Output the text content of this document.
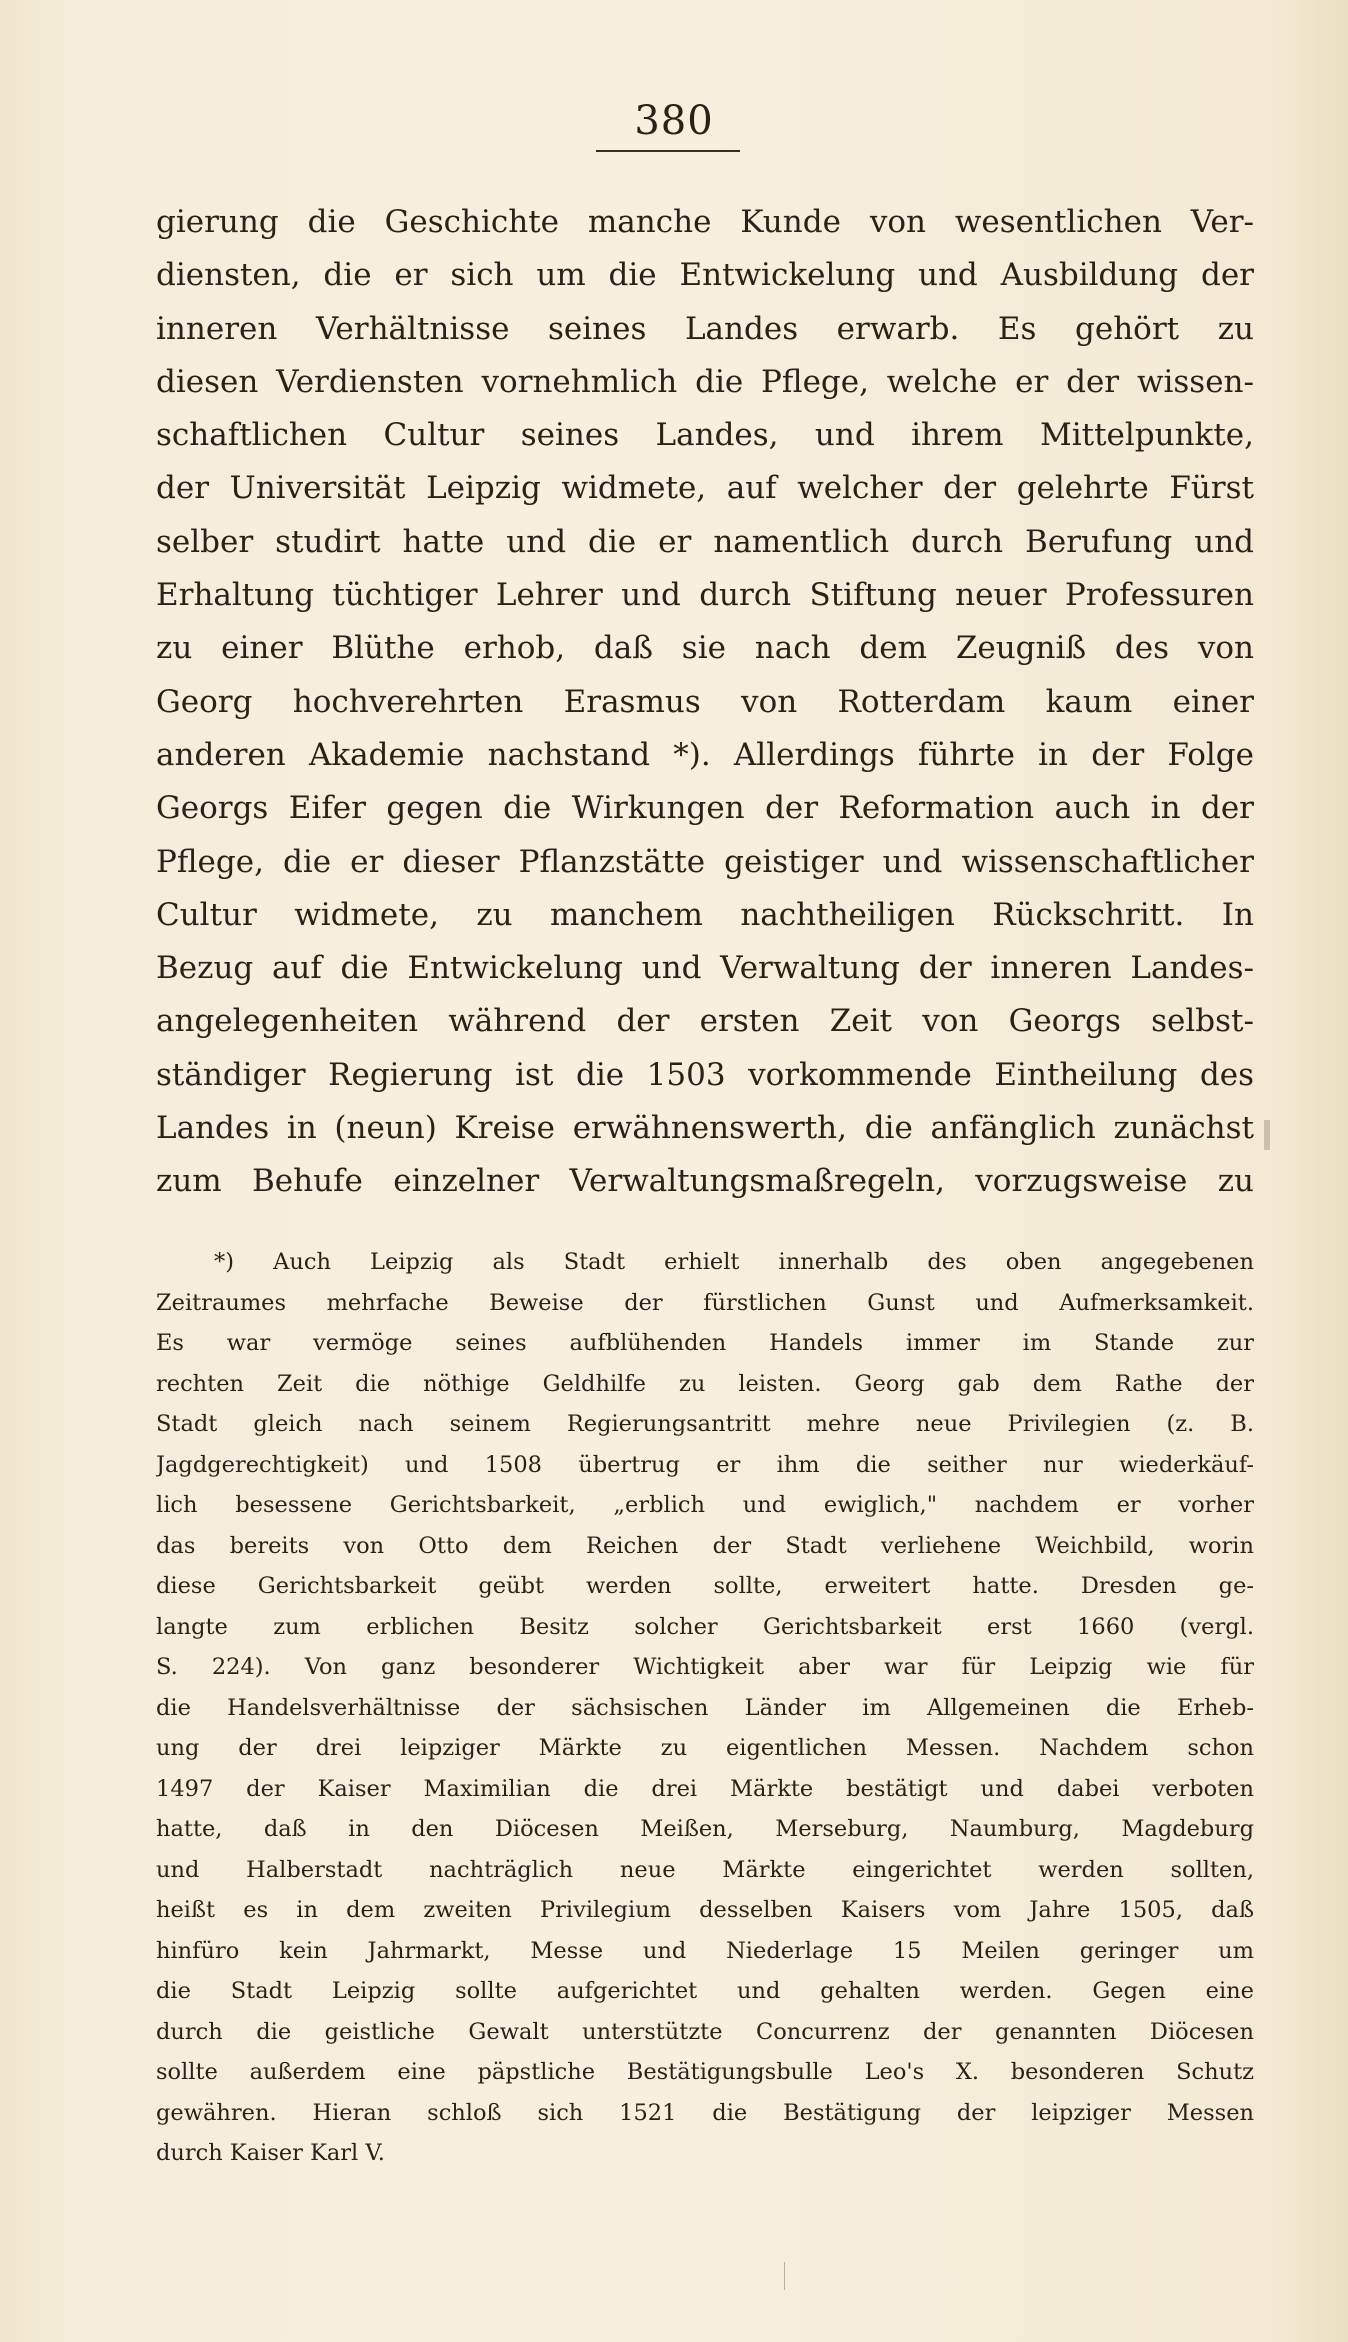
380
gierung die Geschichte manche Kunde von wesentlichen Ver-
diensten, die er sich um die Entwickelung und Ausbildung der
inneren Verhältnisse seines Landes erwarb. Es gehört zu
diesen Verdiensten vornehmlich die Pflege, welche er der wissen-
schaftlichen Cultur seines Landes, und ihrem Mittelpunkte,
der Universität Leipzig widmete, auf welcher der gelehrte Fürst
selber studirt hatte und die er namentlich durch Berufung und
Erhaltung tüchtiger Lehrer und durch Stiftung neuer Professuren
zu einer Blüthe erhob, daß sie nach dem Zeugniß des von
Georg hochverehrten Erasmus von Rotterdam kaum einer
anderen Akademie nachstand *). Allerdings führte in der Folge
Georgs Eifer gegen die Wirkungen der Reformation auch in der
Pflege, die er dieser Pflanzstätte geistiger und wissenschaftlicher
Cultur widmete, zu manchem nachtheiligen Rückschritt. In
Bezug auf die Entwickelung und Verwaltung der inneren Landes-
angelegenheiten während der ersten Zeit von Georgs selbst-
ständiger Regierung ist die 1503 vorkommende Eintheilung des
Landes in (neun) Kreise erwähnenswerth, die anfänglich zunächst
zum Behufe einzelner Verwaltungsmaßregeln, vorzugsweise zu
*) Auch Leipzig als Stadt erhielt innerhalb des oben angegebenen
Zeitraumes mehrfache Beweise der fürstlichen Gunst und Aufmerksamkeit.
Es war vermöge seines aufblühenden Handels immer im Stande zur
rechten Zeit die nöthige Geldhilfe zu leisten. Georg gab dem Rathe der
Stadt gleich nach seinem Regierungsantritt mehre neue Privilegien (z. B.
Jagdgerechtigkeit) und 1508 übertrug er ihm die seither nur wiederkäuf-
lich besessene Gerichtsbarkeit, „erblich und ewiglich," nachdem er vorher
das bereits von Otto dem Reichen der Stadt verliehene Weichbild, worin
diese Gerichtsbarkeit geübt werden sollte, erweitert hatte. Dresden ge-
langte zum erblichen Besitz solcher Gerichtsbarkeit erst 1660 (vergl.
S. 224). Von ganz besonderer Wichtigkeit aber war für Leipzig wie für
die Handelsverhältnisse der sächsischen Länder im Allgemeinen die Erheb-
ung der drei leipziger Märkte zu eigentlichen Messen. Nachdem schon
1497 der Kaiser Maximilian die drei Märkte bestätigt und dabei verboten
hatte, daß in den Diöcesen Meißen, Merseburg, Naumburg, Magdeburg
und Halberstadt nachträglich neue Märkte eingerichtet werden sollten,
heißt es in dem zweiten Privilegium desselben Kaisers vom Jahre 1505, daß
hinfüro kein Jahrmarkt, Messe und Niederlage 15 Meilen geringer um
die Stadt Leipzig sollte aufgerichtet und gehalten werden. Gegen eine
durch die geistliche Gewalt unterstützte Concurrenz der genannten Diöcesen
sollte außerdem eine päpstliche Bestätigungsbulle Leo's X. besonderen Schutz
gewähren. Hieran schloß sich 1521 die Bestätigung der leipziger Messen
durch Kaiser Karl V.
